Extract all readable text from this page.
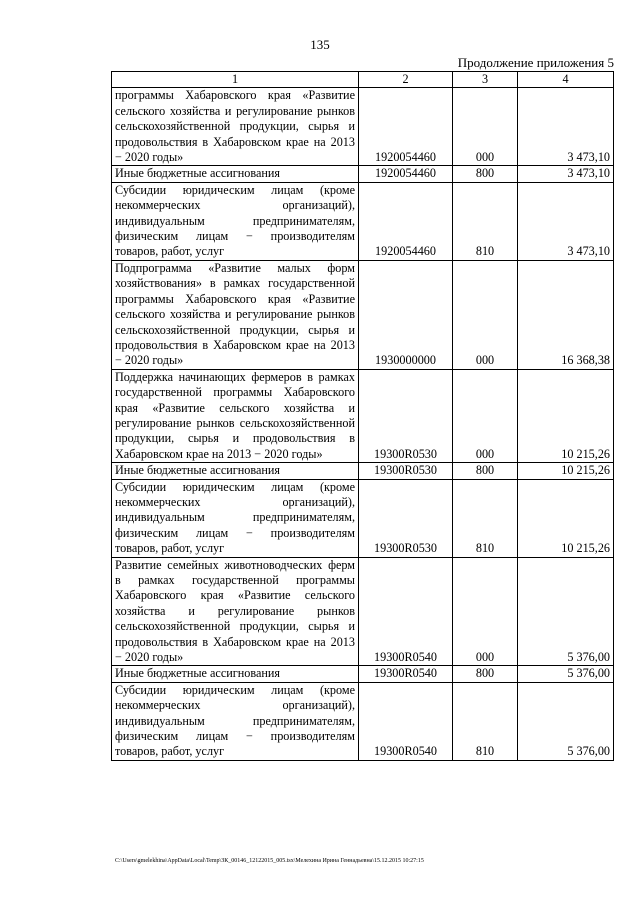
135
Продолжение приложения 5
1	2	3	4
программы Хабаровского края «Развитие сельского хозяйства и регулирование рынков сельскохозяйственной продукции, сырья и продовольствия в Хабаровском крае на 2013 − 2020 годы»	1920054460	000	3 473,10
Иные бюджетные ассигнования	1920054460	800	3 473,10
Субсидии юридическим лицам (кроме некоммерческих организаций), индивидуальным предпринимателям, физическим лицам − производителям товаров, работ, услуг	1920054460	810	3 473,10
Подпрограмма «Развитие малых форм хозяйствования» в рамках государственной программы Хабаровского края «Развитие сельского хозяйства и регулирование рынков сельскохозяйственной продукции, сырья и продовольствия в Хабаровском крае на 2013 − 2020 годы»	1930000000	000	16 368,38
Поддержка начинающих фермеров в рамках государственной программы Хабаровского края «Развитие сельского хозяйства и регулирование рынков сельскохозяйственной продукции, сырья и продовольствия в Хабаровском крае на 2013 − 2020 годы»	19300R0530	000	10 215,26
Иные бюджетные ассигнования	19300R0530	800	10 215,26
Субсидии юридическим лицам (кроме некоммерческих организаций), индивидуальным предпринимателям, физическим лицам − производителям товаров, работ, услуг	19300R0530	810	10 215,26
Развитие семейных животноводческих ферм в рамках государственной программы Хабаровского края «Развитие сельского хозяйства и регулирование рынков сельскохозяйственной продукции, сырья и продовольствия в Хабаровском крае на 2013 − 2020 годы»	19300R0540	000	5 376,00
Иные бюджетные ассигнования	19300R0540	800	5 376,00
Субсидии юридическим лицам (кроме некоммерческих организаций), индивидуальным предпринимателям, физическим лицам − производителям товаров, работ, услуг	19300R0540	810	5 376,00
C:\Users\gmelekhina\AppData\Local\Temp\ЗК_00146_12122015_005.tsx\Мелехина Ирина Геннадьевна\15.12.2015 10:27:15
